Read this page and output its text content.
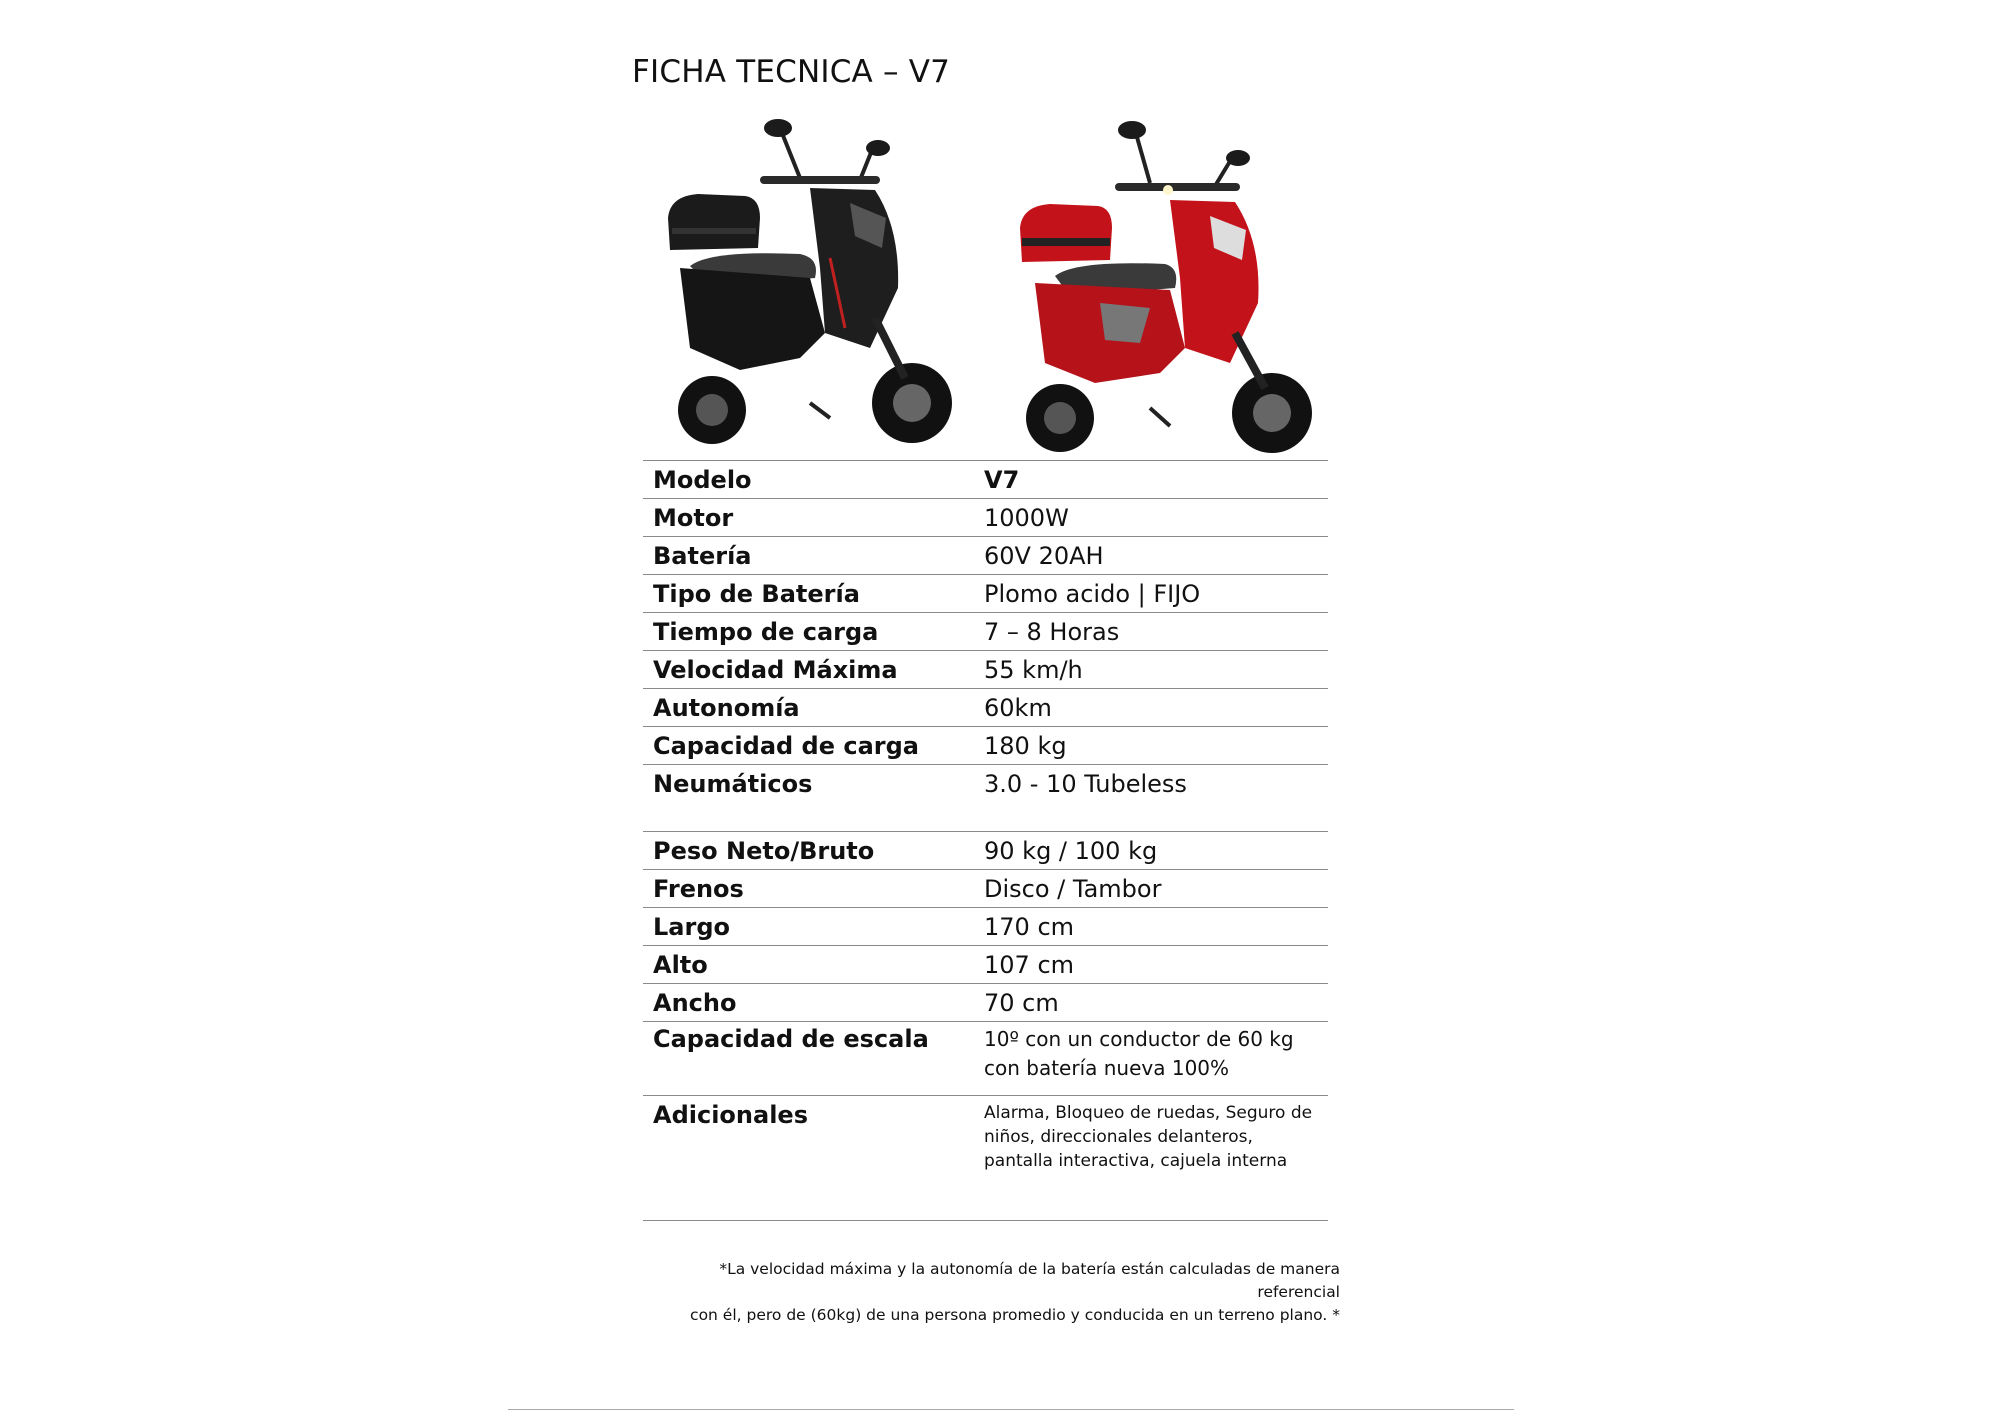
FICHA TECNICA – V7
Modelo	V7
Motor	1000W
Batería	60V 20AH
Tipo de Batería	Plomo acido | FIJO
Tiempo de carga	7 – 8 Horas
Velocidad Máxima	55 km/h
Autonomía	60km
Capacidad de carga	180 kg
Neumáticos	3.0 - 10 Tubeless
Peso Neto/Bruto	90 kg / 100 kg
Frenos	Disco / Tambor
Largo	170 cm
Alto	107 cm
Ancho	70 cm
Capacidad de escala	10º con un conductor de 60 kg
con batería nueva 100%
Adicionales	Alarma, Bloqueo de ruedas, Seguro de
niños, direccionales delanteros,
pantalla interactiva, cajuela interna
*La velocidad máxima y la autonomía de la batería están calculadas de manera referencial
con él, pero de (60kg) de una persona promedio y conducida en un terreno plano. *
